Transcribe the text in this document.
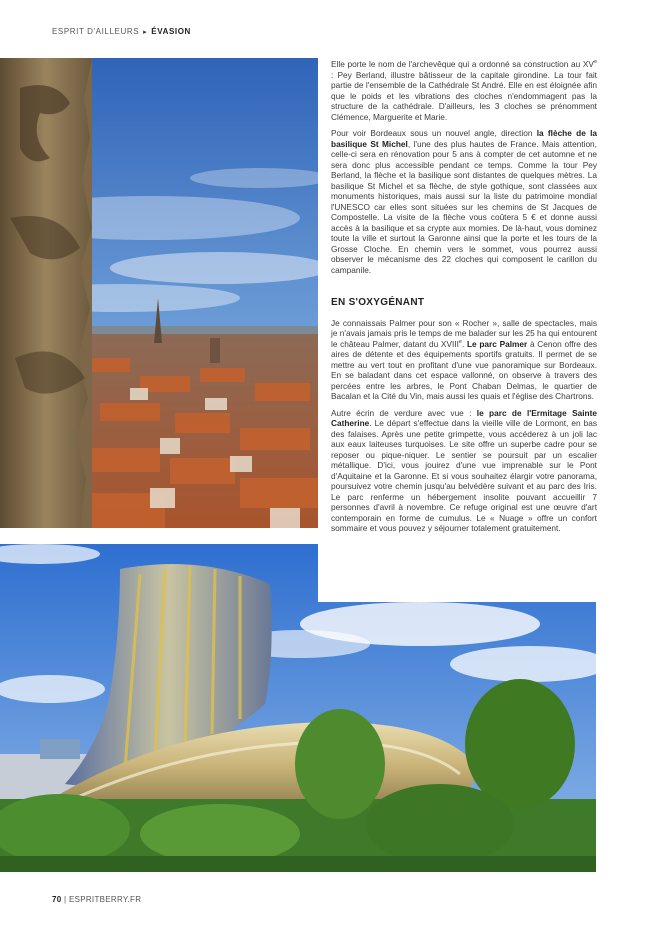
ESPRIT D'AILLEURS ▸ ÉVASION

Elle porte le nom de l'archevêque qui a ordonné sa construction au XVe : Pey Berland, illustre bâtisseur de la capitale girondine. La tour fait partie de l'ensemble de la Cathédrale St André. Elle en est éloignée afin que le poids et les vibrations des cloches n'endommagent pas la structure de la cathédrale. D'ailleurs, les 3 cloches se prénomment Clémence, Marguerite et Marie.

Pour voir Bordeaux sous un nouvel angle, direction la flèche de la basilique St Michel, l'une des plus hautes de France. Mais attention, celle-ci sera en rénovation pour 5 ans à compter de cet automne et ne sera donc plus accessible pendant ce temps. Comme la tour Pey Berland, la flèche et la basilique sont distantes de quelques mètres. La basilique St Michel et sa flèche, de style gothique, sont classées aux monuments historiques, mais aussi sur la liste du patrimoine mondial l'UNESCO car elles sont situées sur les chemins de St Jacques de Compostelle. La visite de la flèche vous coûtera 5 € et donne aussi accès à la basilique et sa crypte aux momies. De là-haut, vous dominez toute la ville et surtout la Garonne ainsi que la porte et les tours de la Grosse Cloche. En chemin vers le sommet, vous pourrez aussi observer le mécanisme des 22 cloches qui composent le carillon du campanile.

EN S'OXYGÉNANT

Je connaissais Palmer pour son « Rocher », salle de spectacles, mais je n'avais jamais pris le temps de me balader sur les 25 ha qui entourent le château Palmer, datant du XVIIIe. Le parc Palmer à Cenon offre des aires de détente et des équipements sportifs gratuits. Il permet de se mettre au vert tout en profitant d'une vue panoramique sur Bordeaux. En se baladant dans cet espace vallonné, on observe à travers des percées entre les arbres, le Pont Chaban Delmas, le quartier de Bacalan et la Cité du Vin, mais aussi les quais et l'église des Chartrons.

Autre écrin de verdure avec vue : le parc de l'Ermitage Sainte Catherine. Le départ s'effectue dans la vieille ville de Lormont, en bas des falaises. Après une petite grimpette, vous accéderez à un joli lac aux eaux laiteuses turquoises. Le site offre un superbe cadre pour se reposer ou pique-niquer. Le sentier se poursuit par un escalier métallique. D'ici, vous jouirez d'une vue imprenable sur le Pont d'Aquitaine et la Garonne. Et si vous souhaitez élargir votre panorama, poursuivez votre chemin jusqu'au belvédère suivant et au parc des Iris. Le parc renferme un hébergement insolite pouvant accueillir 7 personnes d'avril à novembre. Ce refuge original est une œuvre d'art contemporain en forme de cumulus. Le « Nuage » offre un confort sommaire et vous pouvez y séjourner totalement gratuitement.

70 | ESPRITBERRY.FR
